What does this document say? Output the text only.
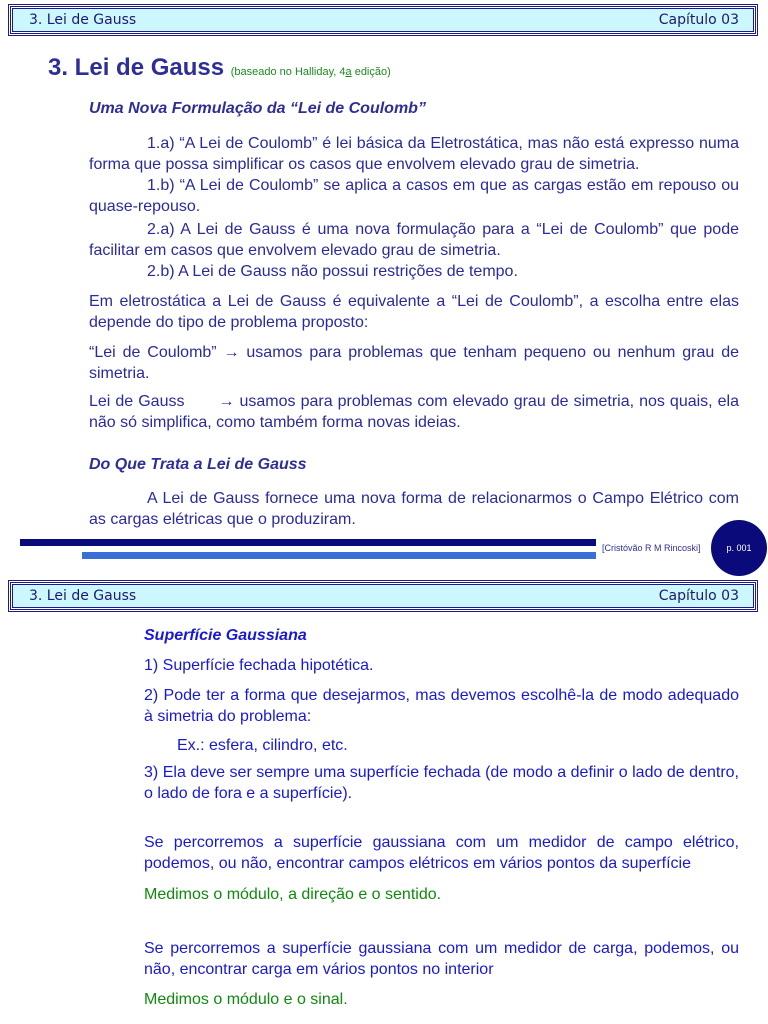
3. Lei de Gauss	Capítulo 03
3. Lei de Gauss (baseado no Halliday, 4a edição)
Uma Nova Formulação da “Lei de Coulomb”

1.a) “A Lei de Coulomb” é lei básica da Eletrostática, mas não está expresso numa forma que possa simplificar os casos que envolvem elevado grau de simetria.
1.b) “A Lei de Coulomb” se aplica a casos em que as cargas estão em repouso ou quase-repouso.

2.a) A Lei de Gauss é uma nova formulação para a “Lei de Coulomb” que pode facilitar em casos que envolvem elevado grau de simetria.
2.b) A Lei de Gauss não possui restrições de tempo.

Em eletrostática a Lei de Gauss é equivalente a “Lei de Coulomb”, a escolha entre elas depende do tipo de problema proposto:

“Lei de Coulomb” → usamos para problemas que tenham pequeno ou nenhum grau de simetria.

Lei de Gauss → usamos para problemas com elevado grau de simetria, nos quais, ela não só simplifica, como também forma novas ideias.

Do Que Trata a Lei de Gauss

A Lei de Gauss fornece uma nova forma de relacionarmos o Campo Elétrico com as cargas elétricas que o produziram.

[Cristóvão R M Rincoski]	p. 001
3. Lei de Gauss	Capítulo 03

Superfície Gaussiana

1) Superfície fechada hipotética.

2) Pode ter a forma que desejarmos, mas devemos escolhê-la de modo adequado à simetria do problema:

Ex.: esfera, cilindro, etc.

3) Ela deve ser sempre uma superfície fechada (de modo a definir o lado de dentro, o lado de fora e a superfície).

Se percorremos a superfície gaussiana com um medidor de campo elétrico, podemos, ou não, encontrar campos elétricos em vários pontos da superfície

Medimos o módulo, a direção e o sentido.

Se percorremos a superfície gaussiana com um medidor de carga, podemos, ou não, encontrar carga em vários pontos no interior

Medimos o módulo e o sinal.
